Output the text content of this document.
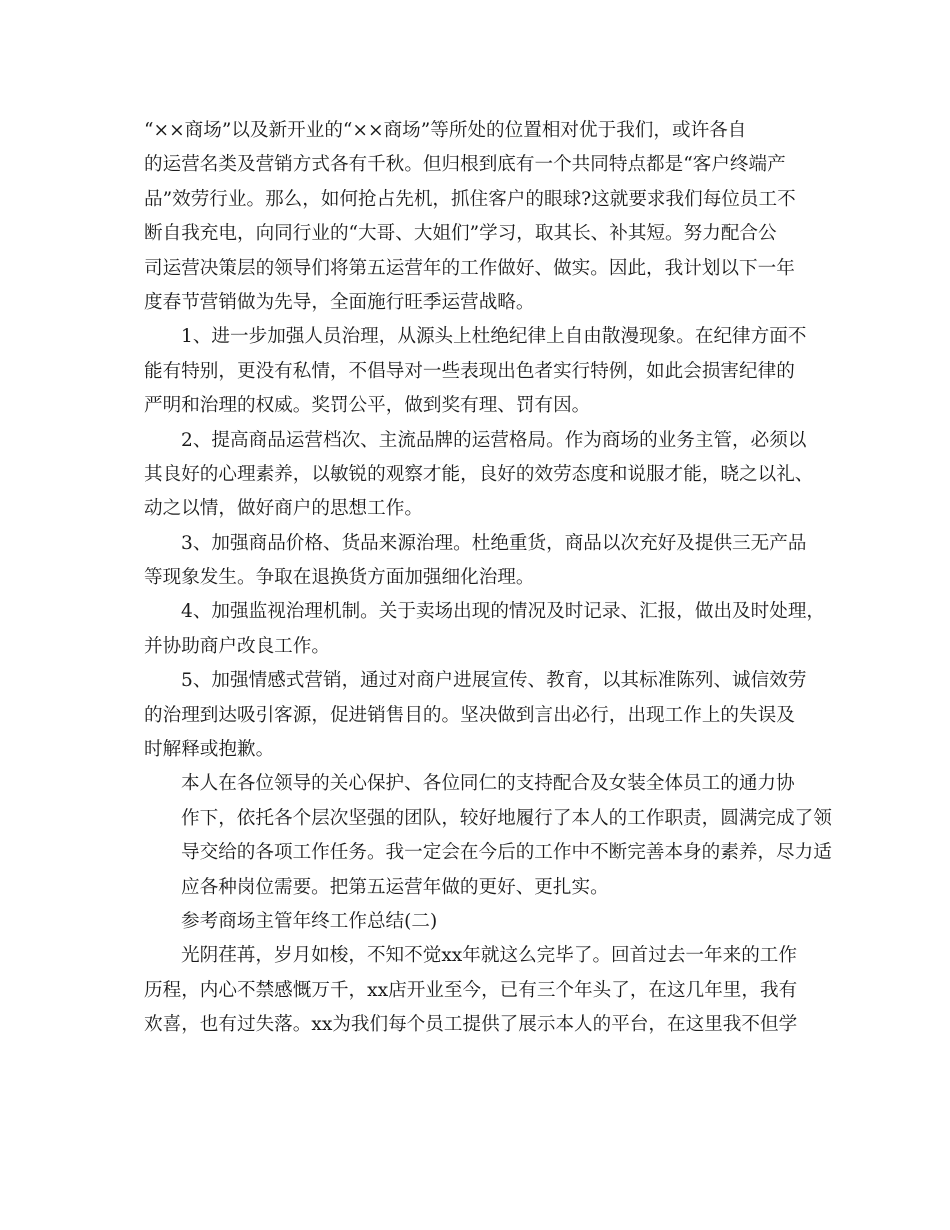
“××商场”以及新开业的“××商场”等所处的位置相对优于我们，或许各自
的运营名类及营销方式各有千秋。但归根到底有一个共同特点都是“客户终端产
品”效劳行业。那么，如何抢占先机，抓住客户的眼球?这就要求我们每位员工不
断自我充电，向同行业的“大哥、大姐们”学习，取其长、补其短。努力配合公
司运营决策层的领导们将第五运营年的工作做好、做实。因此，我计划以下一年
度春节营销做为先导，全面施行旺季运营战略。
1、进一步加强人员治理，从源头上杜绝纪律上自由散漫现象。在纪律方面不
能有特别，更没有私情，不倡导对一些表现出色者实行特例，如此会损害纪律的
严明和治理的权威。奖罚公平，做到奖有理、罚有因。
2、提高商品运营档次、主流品牌的运营格局。作为商场的业务主管，必须以
其良好的心理素养，以敏锐的观察才能，良好的效劳态度和说服才能，晓之以礼、
动之以情，做好商户的思想工作。
3、加强商品价格、货品来源治理。杜绝重货，商品以次充好及提供三无产品
等现象发生。争取在退换货方面加强细化治理。
4、加强监视治理机制。关于卖场出现的情况及时记录、汇报，做出及时处理，
并协助商户改良工作。
5、加强情感式营销，通过对商户进展宣传、教育，以其标准陈列、诚信效劳
的治理到达吸引客源，促进销售目的。坚决做到言出必行，出现工作上的失误及
时解释或抱歉。
本人在各位领导的关心保护、各位同仁的支持配合及女装全体员工的通力协
作下，依托各个层次坚强的团队，较好地履行了本人的工作职责，圆满完成了领
导交给的各项工作任务。我一定会在今后的工作中不断完善本身的素养，尽力适
应各种岗位需要。把第五运营年做的更好、更扎实。
参考商场主管年终工作总结(二)
光阴荏苒，岁月如梭，不知不觉xx年就这么完毕了。回首过去一年来的工作
历程，内心不禁感慨万千，xx店开业至今，已有三个年头了，在这几年里，我有
欢喜，也有过失落。xx为我们每个员工提供了展示本人的平台，在这里我不但学
